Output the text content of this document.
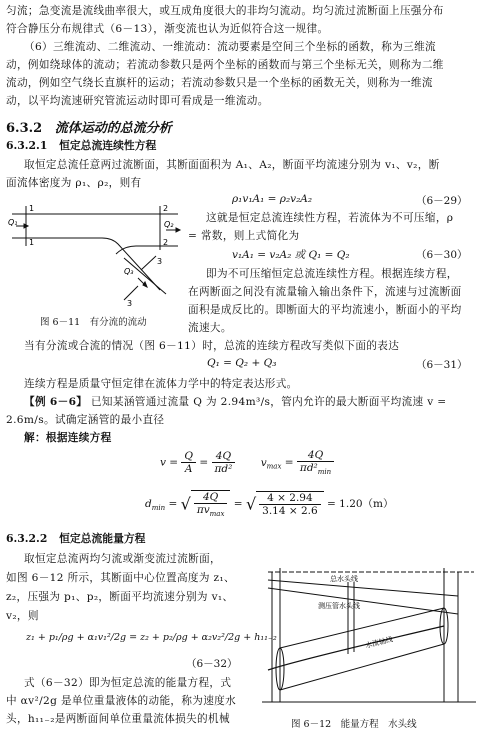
匀流；急变流是流线曲率很大，或互成角度很大的非均匀流动。均匀流过流断面上压强分布
符合静压分布规律式（6－13），渐变流也认为近似符合这一规律。
（6）三维流动、二维流动、一维流动：流动要素是空间三个坐标的函数，称为三维流
动，例如绕球体的流动；若流动参数只是两个坐标的函数而与第三个坐标无关，则称为二维
流动，例如空气绕长直旗杆的运动；若流动参数只是一个坐标的函数无关，则称为一维流
动，以平均流速研究管流运动时即可看成是一维流动。
6.3.2 流体运动的总流分析
6.3.2.1 恒定总流连续性方程
取恒定总流任意两过流断面，其断面面积为 A₁、A₂，断面平均流速分别为 v₁、v₂，断
面流体密度为 ρ₁、ρ₂，则有
ρ₁v₁A₁ = ρ₂v₂A₂	（6－29）
这就是恒定总流连续性方程，若流体为不可压缩，ρ
= 常数，则上式简化为
v₁A₁ = v₂A₂ 或 Q₁ = Q₂	（6－30）
即为不可压缩恒定总流连续性方程。根据连续方程，
在两断面之间没有流量输入输出条件下，流速与过流断面
面积是成反比的。即断面大的平均流速小，断面小的平均
流速大。
1
1
2
2
3
3
Q₁	Q₂
Q₃
图 6－11　有分流的流动
当有分流或合流的情况（图 6－11）时，总流的连续方程改写类似下面的表达
Q₁ = Q₂ + Q₃	（6－31）
连续方程是质量守恒定律在流体力学中的特定表达形式。
【例 6－6】 已知某涵管通过流量 Q 为 2.94m³/s，管内允许的最大断面平均流速 v =
2.6m/s。试确定涵管的最小直径
解：根据连续方程
$v = \frac{Q}{A} = \frac{4Q}{\text{πd²}} v_{max} = \frac{4Q}{\pi d^2_{min}}$
$d_{min}$ = √ $\frac{4Q}{\pi v_{max}}$ = √ $\frac{4 \times 2.94}{3.14 \times 2.6} = 1.20(m)$
6.3.2.2 恒定总流能量方程
取恒定总流两均匀流或渐变流过流断面，
如图 6－12 所示，其断面中心位置高度为 z₁、
z₂，压强为 p₁、p₂，断面平均流速分别为 v₁、
v₂，则
z₁ + p₁/ρg + α₁v₁²/2g = z₂ + p₂/ρg + α₂v₂²/2g + h₁₁₋₂
（6－32）
式（6－32）即为恒定总流的能量方程，式
中 αv²/2g 是单位重量液体的动能，称为速度水
头，h₁₁₋₂是两断面间单位重量流体损失的机械
总水头线
测压管水头线
水流轴线
图 6－12　能量方程　水头线
